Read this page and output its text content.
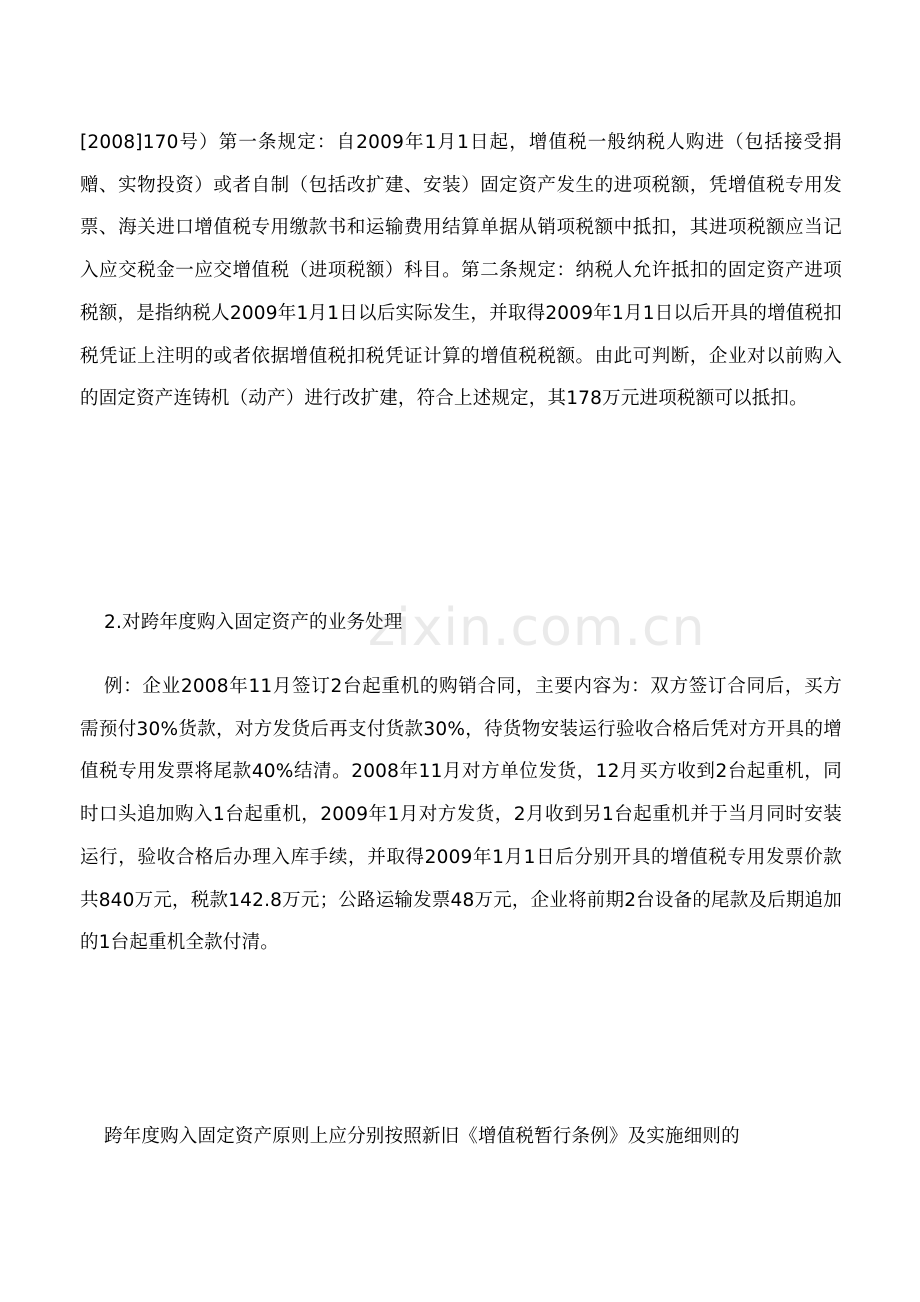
[2008]170号）第一条规定：自2009年1月1日起，增值税一般纳税人购进（包括接受捐赠、实物投资）或者自制（包括改扩建、安装）固定资产发生的进项税额，凭增值税专用发票、海关进口增值税专用缴款书和运输费用结算单据从销项税额中抵扣，其进项税额应当记入应交税金一应交增值税（进项税额）科目。第二条规定：纳税人允许抵扣的固定资产进项税额，是指纳税人2009年1月1日以后实际发生，并取得2009年1月1日以后开具的增值税扣税凭证上注明的或者依据增值税扣税凭证计算的增值税税额。由此可判断，企业对以前购入的固定资产连铸机（动产）进行改扩建，符合上述规定，其178万元进项税额可以抵扣。

2.对跨年度购入固定资产的业务处理

例：企业2008年11月签订2台起重机的购销合同，主要内容为：双方签订合同后，买方需预付30%货款，对方发货后再支付货款30%，待货物安装运行验收合格后凭对方开具的增值税专用发票将尾款40%结清。2008年11月对方单位发货，12月买方收到2台起重机，同时口头追加购入1台起重机，2009年1月对方发货，2月收到另1台起重机并于当月同时安装运行，验收合格后办理入库手续，并取得2009年1月1日后分别开具的增值税专用发票价款共840万元，税款142.8万元；公路运输发票48万元，企业将前期2台设备的尾款及后期追加的1台起重机全款付清。

跨年度购入固定资产原则上应分别按照新旧《增值税暂行条例》及实施细则的

zixin.com.cn
